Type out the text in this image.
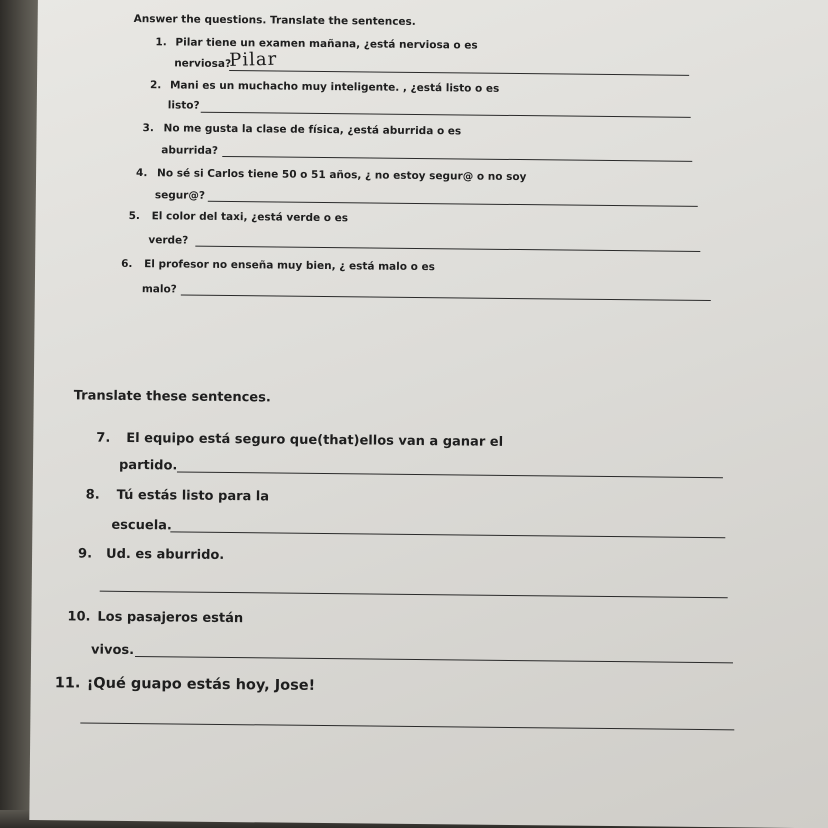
Answer the questions. Translate the sentences.
1. Pilar tiene un examen mañana, ¿está nerviosa o es
nerviosa?
Pilar
2. Mani es un muchacho muy inteligente. , ¿está listo o es
listo?
3. No me gusta la clase de física, ¿está aburrida o es
aburrida?
4. No sé si Carlos tiene 50 o 51 años, ¿ no estoy segur@ o no soy
segur@?
5. El color del taxi, ¿está verde o es
verde?
6. El profesor no enseña muy bien, ¿ está malo o es
malo?
Translate these sentences.
7. El equipo está seguro que(that)ellos van a ganar el
partido.
8. Tú estás listo para la
escuela.
9. Ud. es aburrido.
10. Los pasajeros están
vivos.
11. ¡Qué guapo estás hoy, Jose!
